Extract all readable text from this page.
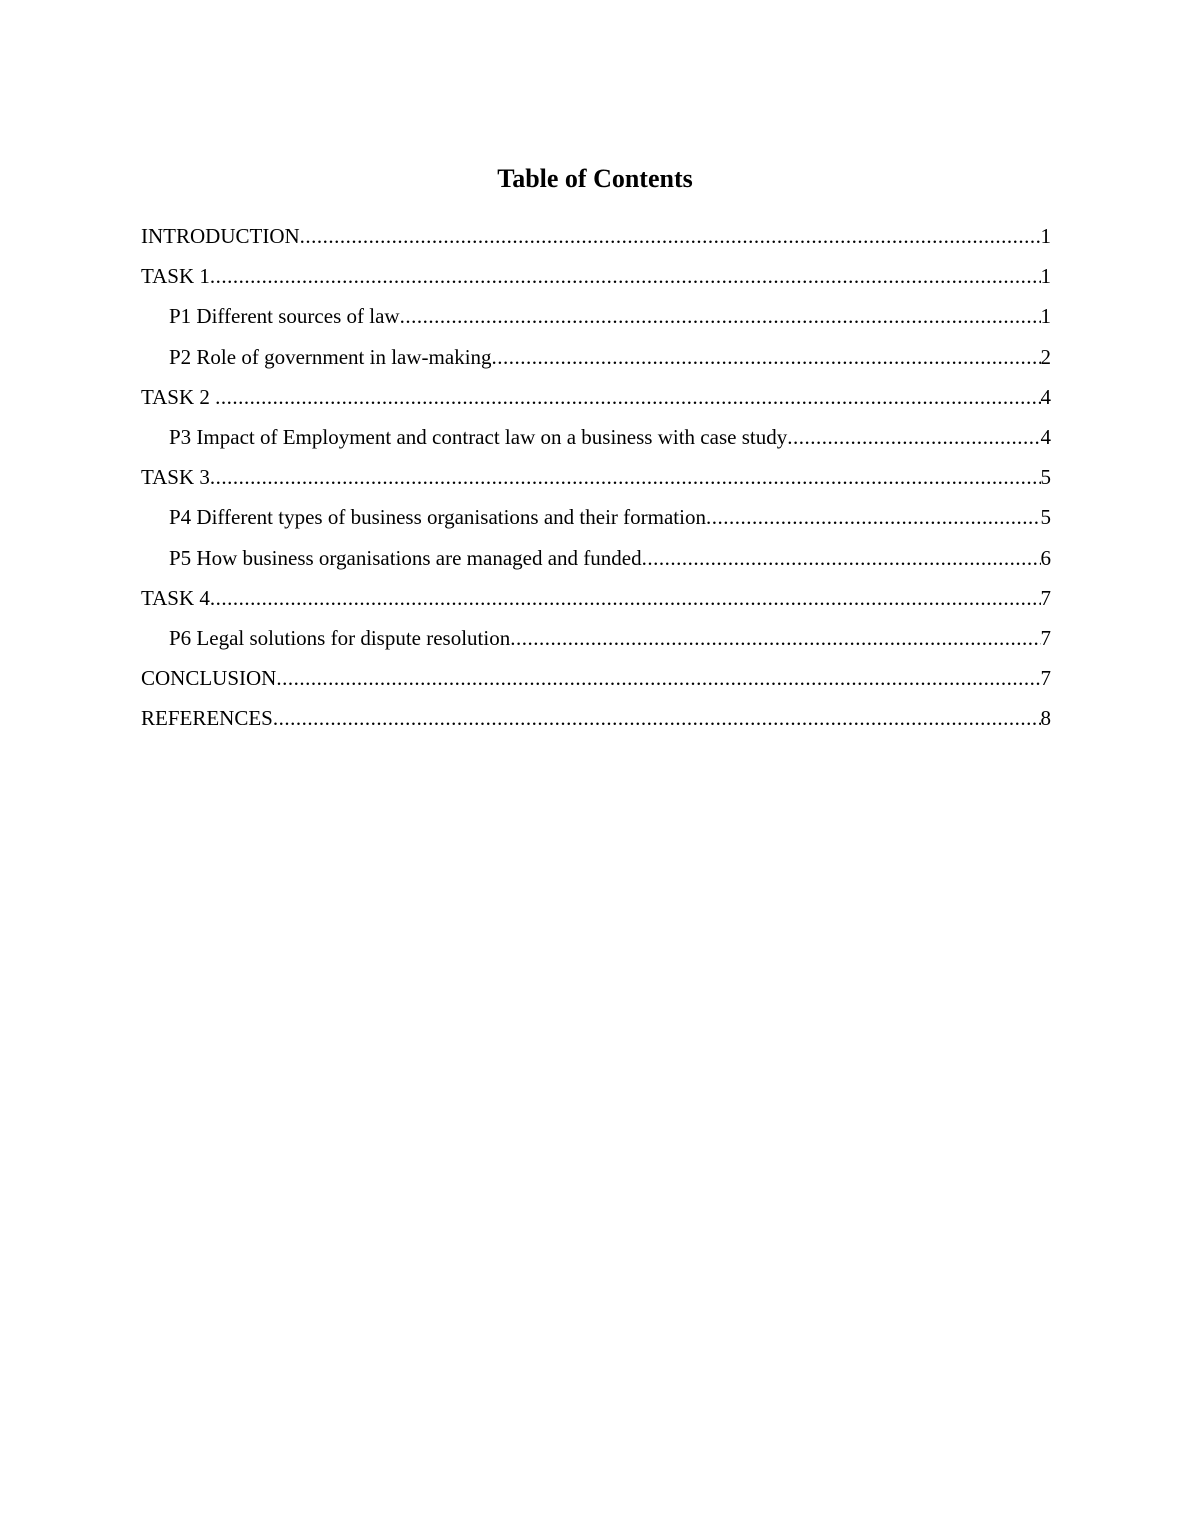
Table of Contents
INTRODUCTION .....	1
TASK 1 .....	1
P1 Different sources of law .....	1
P2 Role of government in law-making .....	2
TASK 2 .....	4
P3 Impact of Employment and contract law on a business with case study .....	4
TASK 3 .....	5
P4 Different types of business organisations and their formation .....	5
P5 How business organisations are managed and funded .....	6
TASK 4 .....	7
P6 Legal solutions for dispute resolution .....	7
CONCLUSION .....	7
REFERENCES .....	8
